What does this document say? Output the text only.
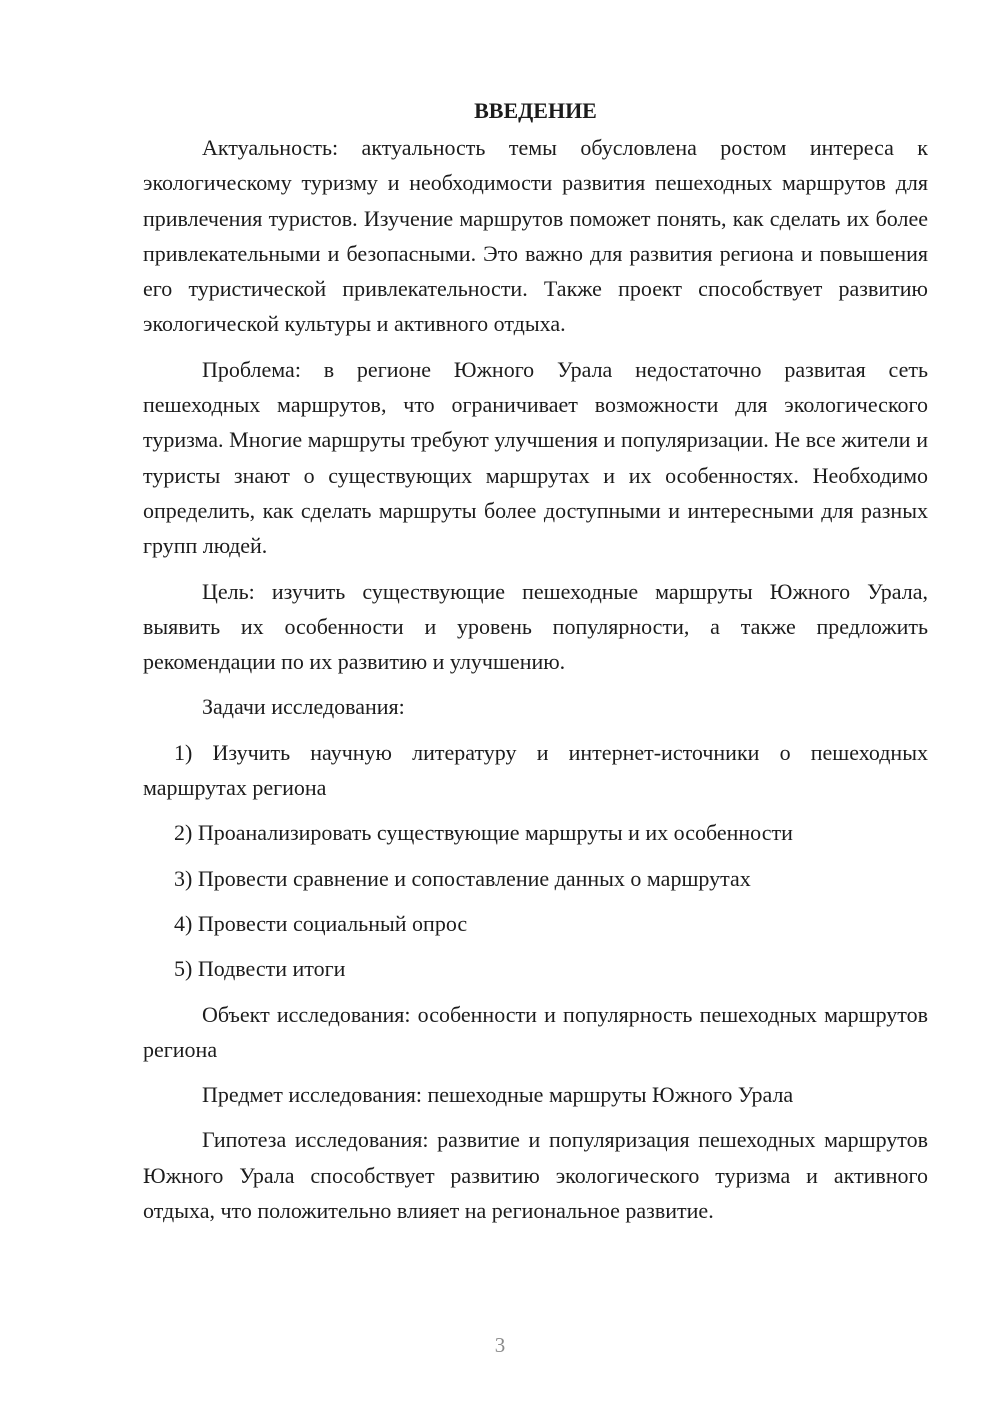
ВВЕДЕНИЕ

Актуальность: актуальность темы обусловлена ростом интереса к экологическому туризму и необходимости развития пешеходных маршрутов для привлечения туристов. Изучение маршрутов поможет понять, как сделать их более привлекательными и безопасными. Это важно для развития региона и повышения его туристической привлекательности. Также проект способствует развитию экологической культуры и активного отдыха.

Проблема: в регионе Южного Урала недостаточно развитая сеть пешеходных маршрутов, что ограничивает возможности для экологического туризма. Многие маршруты требуют улучшения и популяризации. Не все жители и туристы знают о существующих маршрутах и их особенностях. Необходимо определить, как сделать маршруты более доступными и интересными для разных групп людей.

Цель: изучить существующие пешеходные маршруты Южного Урала, выявить их особенности и уровень популярности, а также предложить рекомендации по их развитию и улучшению.

Задачи исследования:

1) Изучить научную литературу и интернет-источники о пешеходных маршрутах региона

2) Проанализировать существующие маршруты и их особенности

3) Провести сравнение и сопоставление данных о маршрутах

4) Провести социальный опрос

5) Подвести итоги

Объект исследования: особенности и популярность пешеходных маршрутов региона

Предмет исследования: пешеходные маршруты Южного Урала

Гипотеза исследования: развитие и популяризация пешеходных маршрутов Южного Урала способствует развитию экологического туризма и активного отдыха, что положительно влияет на региональное развитие.

3
